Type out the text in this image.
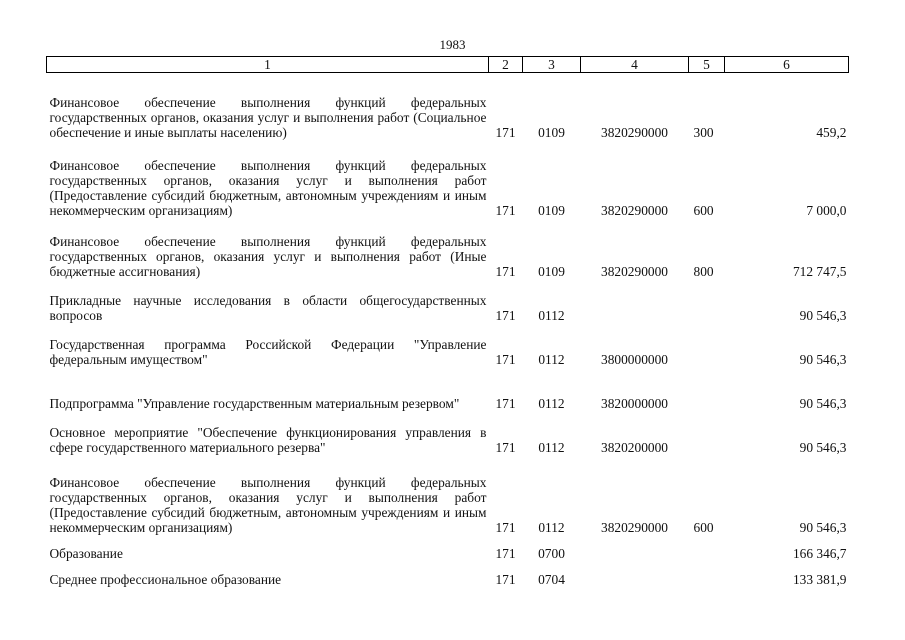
1983
1	2	3	4	5	6
Финансовое обеспечение выполнения функций федеральных государственных органов, оказания услуг и выполнения работ (Социальное обеспечение и иные выплаты населению)	171	0109	3820290000	300	459,2
Финансовое обеспечение выполнения функций федеральных государственных органов, оказания услуг и выполнения работ (Предоставление субсидий бюджетным, автономным учреждениям и иным некоммерческим организациям)	171	0109	3820290000	600	7 000,0
Финансовое обеспечение выполнения функций федеральных государственных органов, оказания услуг и выполнения работ (Иные бюджетные ассигнования)	171	0109	3820290000	800	712 747,5
Прикладные научные исследования в области общегосударственных вопросов	171	0112			90 546,3
Государственная программа Российской Федерации "Управление федеральным имуществом"	171	0112	3800000000		90 546,3
Подпрограмма "Управление государственным материальным резервом"	171	0112	3820000000		90 546,3
Основное мероприятие "Обеспечение функционирования управления в сфере государственного материального резерва"	171	0112	3820200000		90 546,3
Финансовое обеспечение выполнения функций федеральных государственных органов, оказания услуг и выполнения работ (Предоставление субсидий бюджетным, автономным учреждениям и иным некоммерческим организациям)	171	0112	3820290000	600	90 546,3
Образование	171	0700			166 346,7
Среднее профессиональное образование	171	0704			133 381,9
